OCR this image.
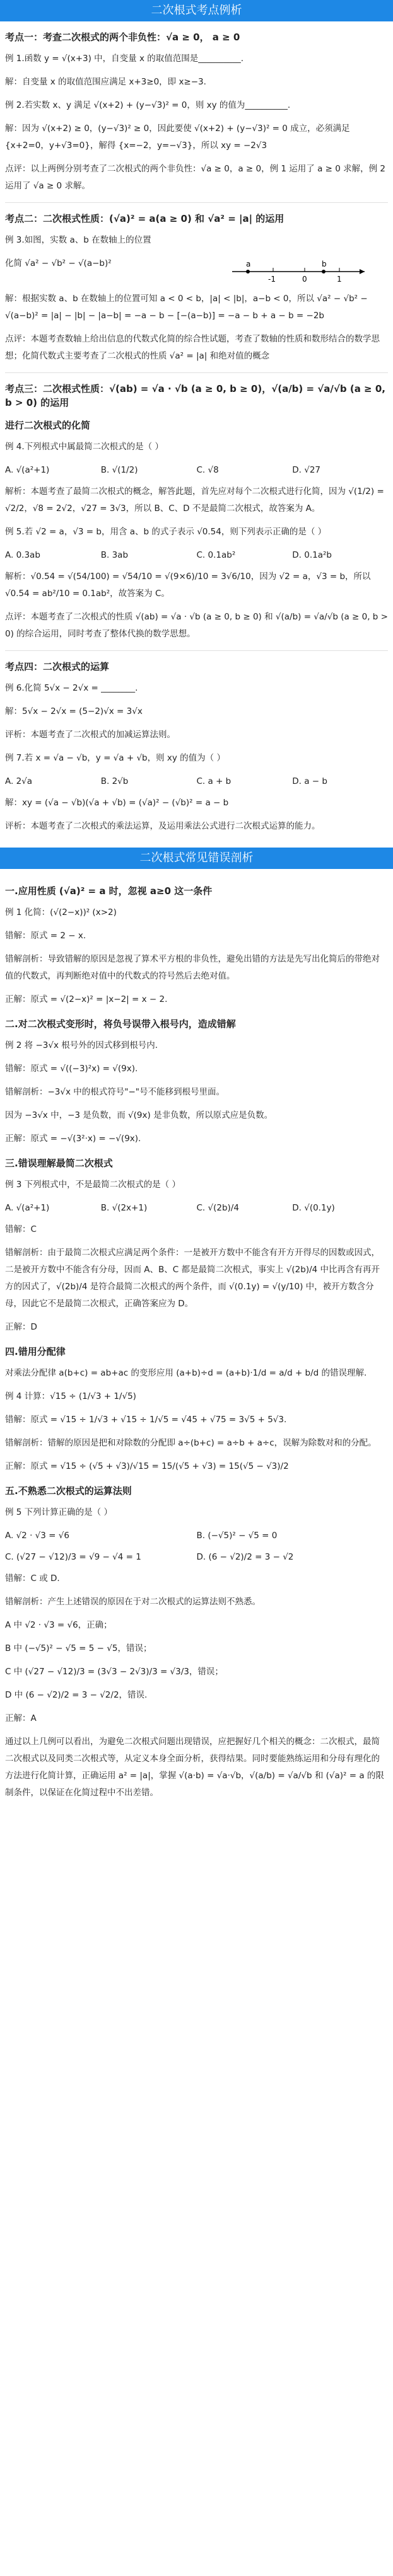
二次根式考点例析
考点一：考查二次根式的两个非负性：√a ≥ 0， a ≥ 0
例 1.函数 y = √(x+3) 中，自变量 x 的取值范围是__________.
解：自变量 x 的取值范围应满足 x+3≥0，即 x≥−3.
例 2.若实数 x、y 满足 √(x+2) + (y−√3)² = 0，则 xy 的值为__________.
解：因为 √(x+2) ≥ 0，(y−√3)² ≥ 0，因此要使 √(x+2) + (y−√3)² = 0 成立，必须满足 {x+2=0，y+√3=0}，解得 {x=−2，y=−√3}，所以 xy = −2√3
点评：以上两例分别考查了二次根式的两个非负性：√a ≥ 0，a ≥ 0，例 1 运用了 a ≥ 0 求解，例 2 运用了 √a ≥ 0 求解。
考点二：二次根式性质：(√a)² = a(a ≥ 0) 和 √a² = |a| 的运用
例 3.如图，实数 a、b 在数轴上的位置
化简 √a² − √b² − √(a−b)²	a
-1	0
b
1
解：根据实数 a、b 在数轴上的位置可知 a < 0 < b，|a| < |b|，a−b < 0，所以 √a² − √b² − √(a−b)² = |a| − |b| − |a−b| = −a − b − [−(a−b)] = −a − b + a − b = −2b
点评：本题考查数轴上给出信息的代数式化简的综合性试题，考查了数轴的性质和数形结合的数学思想；化简代数式主要考查了二次根式的性质 √a² = |a| 和绝对值的概念
考点三：二次根式性质：√(ab) = √a · √b (a ≥ 0, b ≥ 0)，√(a/b) = √a/√b (a ≥ 0, b > 0) 的运用
进行二次根式的化简
例 4.下列根式中属最简二次根式的是（ ）
A. √(a²+1)	B. √(1/2)	C. √8	D. √27
解析：本题考查了最简二次根式的概念，解答此题，首先应对每个二次根式进行化简，因为 √(1/2) = √2/2，√8 = 2√2，√27 = 3√3，所以 B、C、D 不是最简二次根式，故答案为 A。
例 5.若 √2 = a，√3 = b，用含 a、b 的式子表示 √0.54，则下列表示正确的是（ ）
A. 0.3ab	B. 3ab	C. 0.1ab²	D. 0.1a²b
解析：√0.54 = √(54/100) = √54/10 = √(9×6)/10 = 3√6/10，因为 √2 = a，√3 = b，所以 √0.54 = ab²/10 = 0.1ab²，故答案为 C。
点评：本题考查了二次根式的性质 √(ab) = √a · √b (a ≥ 0, b ≥ 0) 和 √(a/b) = √a/√b (a ≥ 0, b > 0) 的综合运用，同时考查了整体代换的数学思想。
考点四：二次根式的运算
例 6.化简 5√x − 2√x = ________.
解：5√x − 2√x = (5−2)√x = 3√x
评析：本题考查了二次根式的加减运算法则。
例 7.若 x = √a − √b，y = √a + √b，则 xy 的值为（ ）
A. 2√a	B. 2√b	C. a + b	D. a − b
解：xy = (√a − √b)(√a + √b) = (√a)² − (√b)² = a − b
评析：本题考查了二次根式的乘法运算，及运用乘法公式进行二次根式运算的能力。
二次根式常见错误剖析
一.应用性质 (√a)² = a 时，忽视 a≥0 这一条件
例 1 化简：(√(2−x))² (x>2)
错解：原式 = 2 − x.
错解剖析：导致错解的原因是忽视了算术平方根的非负性，避免出错的方法是先写出化简后的带绝对值的代数式，再判断绝对值中的代数式的符号然后去绝对值。
正解：原式 = √(2−x)² = |x−2| = x − 2.
二.对二次根式变形时，将负号误带入根号内，造成错解
例 2 将 −3√x 根号外的因式移到根号内.
错解：原式 = √((−3)²x) = √(9x).
错解剖析：−3√x 中的根式符号"−"号不能移到根号里面。
因为 −3√x 中，−3 是负数，而 √(9x) 是非负数，所以原式应是负数。
正解：原式 = −√(3²·x) = −√(9x).
三.错误理解最简二次根式
例 3 下列根式中，不是最简二次根式的是（ ）
A. √(a²+1)	B. √(2x+1)	C. √(2b)/4	D. √(0.1y)
错解：C
错解剖析：由于最简二次根式应满足两个条件：一是被开方数中不能含有开方开得尽的因数或因式，二是被开方数中不能含有分母，因而 A、B、C 都是最简二次根式，事实上 √(2b)/4 中比再含有再开方的因式了，√(2b)/4 是符合最简二次根式的两个条件，而 √(0.1y) = √(y/10) 中，被开方数含分母，因此它不是最简二次根式，正确答案应为 D。
正解：D
四.错用分配律
对乘法分配律 a(b+c) = ab+ac 的变形应用 (a+b)÷d = (a+b)·1/d = a/d + b/d 的错误理解.
例 4 计算：√15 ÷ (1/√3 + 1/√5)
错解：原式 = √15 ÷ 1/√3 + √15 ÷ 1/√5 = √45 + √75 = 3√5 + 5√3.
错解剖析：错解的原因是把和对除数的分配即 a÷(b+c) = a÷b + a÷c，误解为除数对和的分配。
正解：原式 = √15 ÷ (√5 + √3)/√15 = 15/(√5 + √3) = 15(√5 − √3)/2
五.不熟悉二次根式的运算法则
例 5 下列计算正确的是（ ）
A. √2 · √3 = √6	B. (−√5)² − √5 = 0
C. (√27 − √12)/3 = √9 − √4 = 1	D. (6 − √2)/2 = 3 − √2
错解：C 或 D.
错解剖析：产生上述错误的原因在于对二次根式的运算法则不熟悉。
A 中 √2 · √3 = √6，正确；
B 中 (−√5)² − √5 = 5 − √5，错误；
C 中 (√27 − √12)/3 = (3√3 − 2√3)/3 = √3/3，错误；
D 中 (6 − √2)/2 = 3 − √2/2，错误.
正解：A
通过以上几例可以看出，为避免二次根式问题出现错误，应把握好几个相关的概念：二次根式，最简二次根式以及同类二次根式等，从定义本身全面分析，获得结果。同时要能熟练运用和分母有理化的方法进行化简计算，正确运用 a² = |a|，掌握 √(a·b) = √a·√b，√(a/b) = √a/√b 和 (√a)² = a 的限制条件，以保证在化简过程中不出差错。
